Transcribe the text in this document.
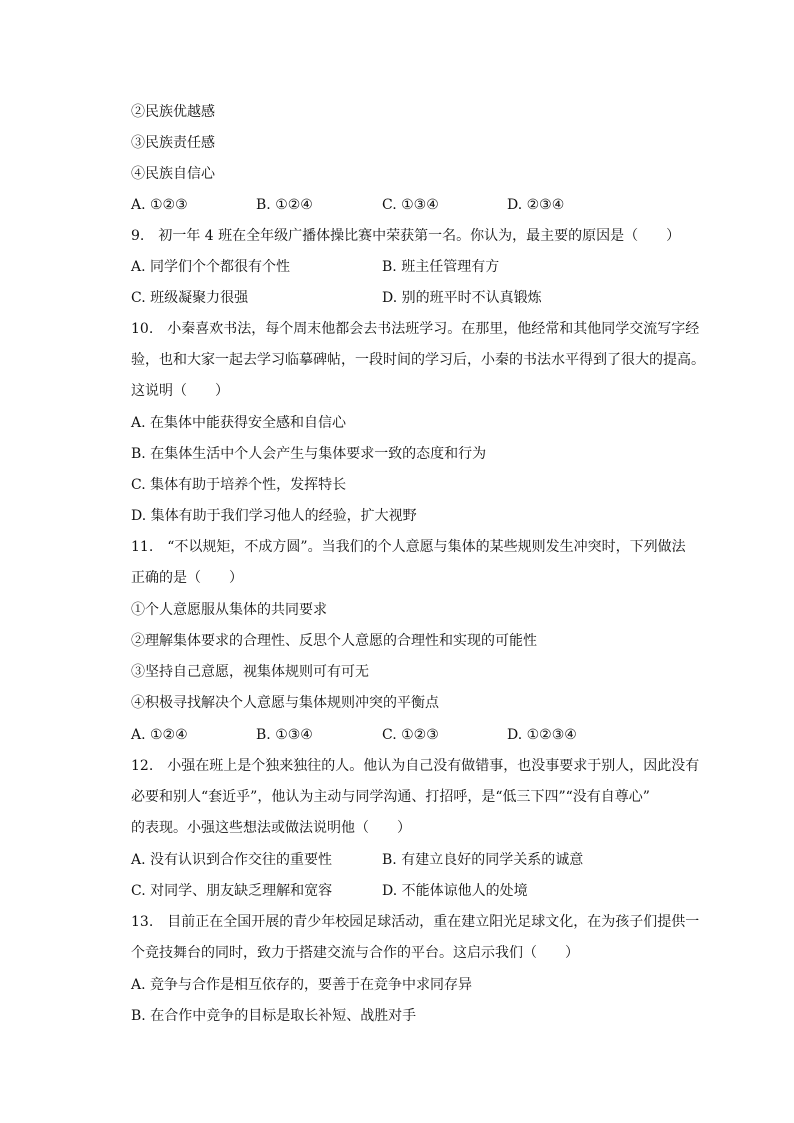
②民族优越感
③民族责任感
④民族自信心
A. ①②③	B. ①②④	C. ①③④	D. ②③④
9.　初一年 4 班在全年级广播体操比赛中荣获第一名。你认为，最主要的原因是（　　）
A. 同学们个个都很有个性	B. 班主任管理有方
C. 班级凝聚力很强	D. 别的班平时不认真锻炼
10.　小秦喜欢书法，每个周末他都会去书法班学习。在那里，他经常和其他同学交流写字经
验，也和大家一起去学习临摹碑帖，一段时间的学习后，小秦的书法水平得到了很大的提高。
这说明（　　）
A. 在集体中能获得安全感和自信心
B. 在集体生活中个人会产生与集体要求一致的态度和行为
C. 集体有助于培养个性，发挥特长
D. 集体有助于我们学习他人的经验，扩大视野
11.　“不以规矩，不成方圆”。当我们的个人意愿与集体的某些规则发生冲突时，下列做法
正确的是（　　）
①个人意愿服从集体的共同要求
②理解集体要求的合理性、反思个人意愿的合理性和实现的可能性
③坚持自己意愿，视集体规则可有可无
④积极寻找解决个人意愿与集体规则冲突的平衡点
A. ①②④	B. ①③④	C. ①②③	D. ①②③④
12.　小强在班上是个独来独往的人。他认为自己没有做错事，也没事要求于别人，因此没有
必要和别人“套近乎”，他认为主动与同学沟通、打招呼，是“低三下四”“没有自尊心”
的表现。小强这些想法或做法说明他（　　）
A. 没有认识到合作交往的重要性	B. 有建立良好的同学关系的诚意
C. 对同学、朋友缺乏理解和宽容	D. 不能体谅他人的处境
13.　目前正在全国开展的青少年校园足球活动，重在建立阳光足球文化，在为孩子们提供一
个竞技舞台的同时，致力于搭建交流与合作的平台。这启示我们（　　）
A. 竞争与合作是相互依存的，要善于在竞争中求同存异
B. 在合作中竞争的目标是取长补短、战胜对手
